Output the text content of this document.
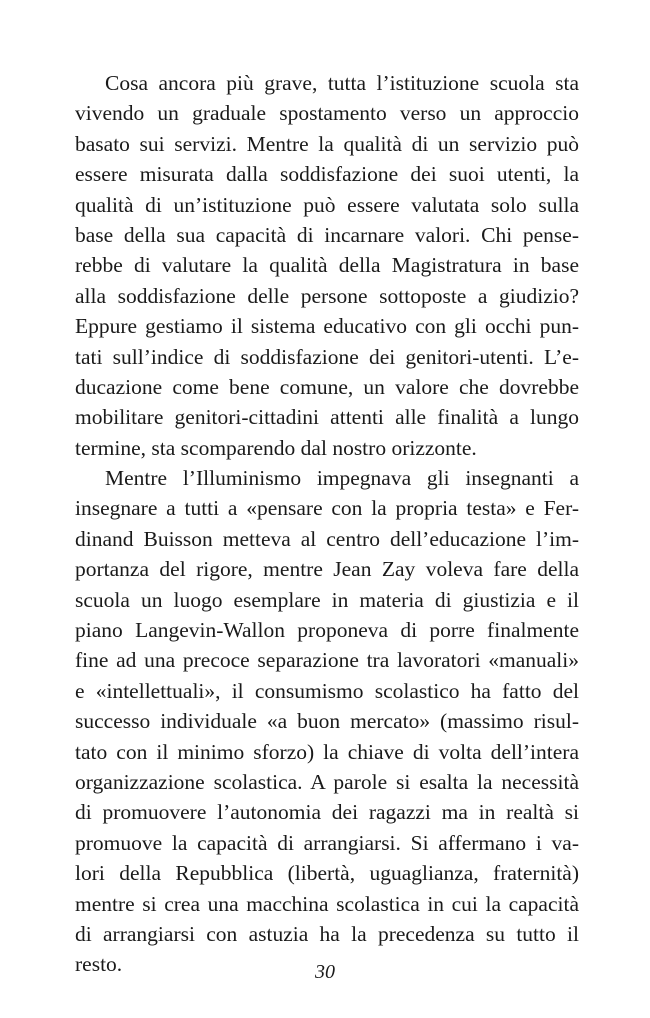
Cosa ancora più grave, tutta l’istituzione scuola sta
vivendo un graduale spostamento verso un approccio
basato sui servizi. Mentre la qualità di un servizio può
essere misurata dalla soddisfazione dei suoi utenti, la
qualità di un’istituzione può essere valutata solo sulla
base della sua capacità di incarnare valori. Chi pense-
rebbe di valutare la qualità della Magistratura in base
alla soddisfazione delle persone sottoposte a giudizio?
Eppure gestiamo il sistema educativo con gli occhi pun-
tati sull’indice di soddisfazione dei genitori-utenti. L’e-
ducazione come bene comune, un valore che dovrebbe
mobilitare genitori-cittadini attenti alle finalità a lungo
termine, sta scomparendo dal nostro orizzonte.
Mentre l’Illuminismo impegnava gli insegnanti a
insegnare a tutti a «pensare con la propria testa» e Fer-
dinand Buisson metteva al centro dell’educazione l’im-
portanza del rigore, mentre Jean Zay voleva fare della
scuola un luogo esemplare in materia di giustizia e il
piano Langevin-Wallon proponeva di porre finalmente
fine ad una precoce separazione tra lavoratori «manuali»
e «intellettuali», il consumismo scolastico ha fatto del
successo individuale «a buon mercato» (massimo risul-
tato con il minimo sforzo) la chiave di volta dell’intera
organizzazione scolastica. A parole si esalta la necessità
di promuovere l’autonomia dei ragazzi ma in realtà si
promuove la capacità di arrangiarsi. Si affermano i va-
lori della Repubblica (libertà, uguaglianza, fraternità)
mentre si crea una macchina scolastica in cui la capacità
di arrangiarsi con astuzia ha la precedenza su tutto il
resto.	30
